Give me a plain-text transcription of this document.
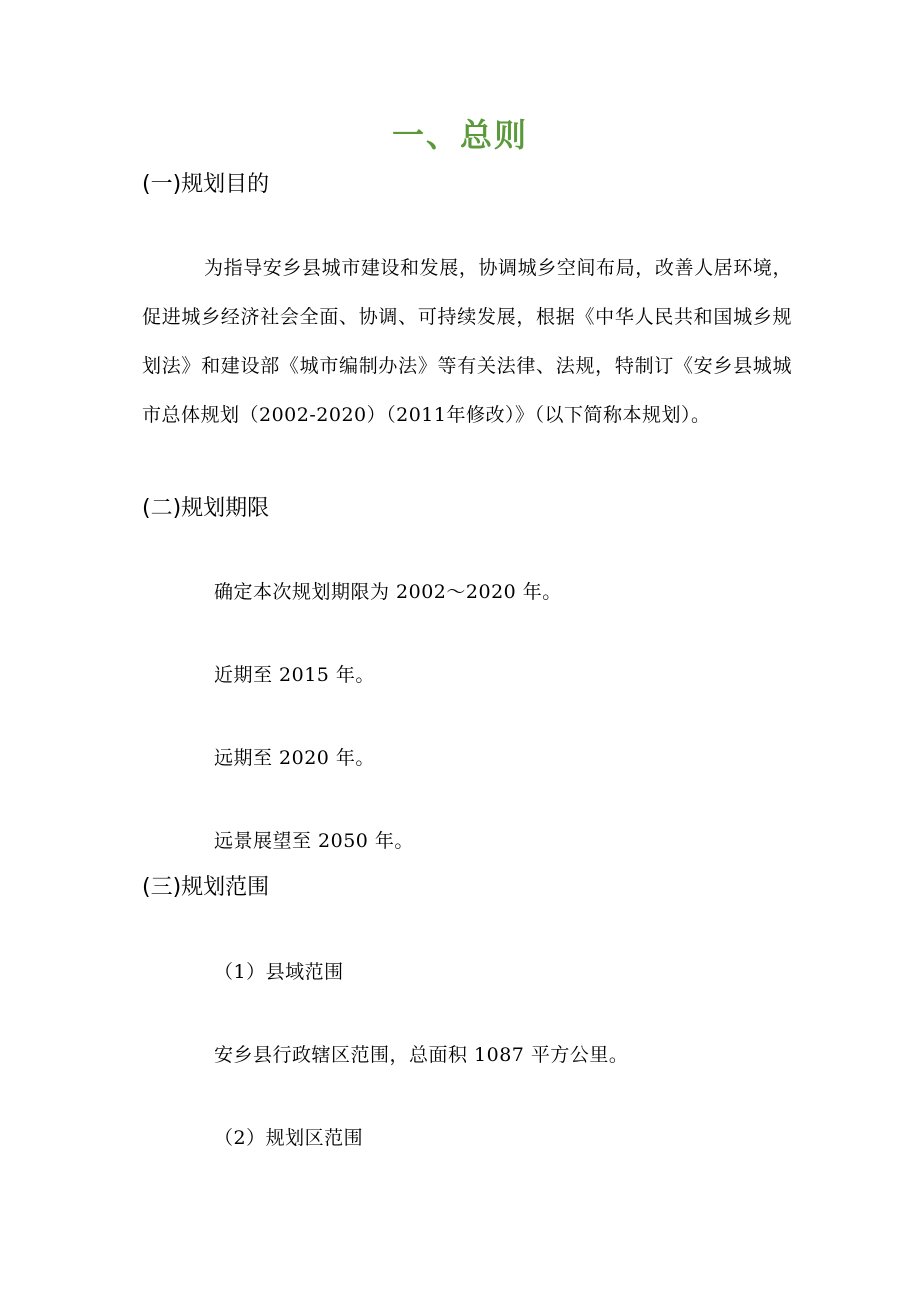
一、总则
(一)规划目的
为指导安乡县城市建设和发展，协调城乡空间布局，改善人居环境，促进城乡经济社会全面、协调、可持续发展，根据《中华人民共和国城乡规划法》和建设部《城市编制办法》等有关法律、法规，特制订《安乡县城城市总体规划（2002-2020）（2011年修改）》（以下简称本规划）。
(二)规划期限
确定本次规划期限为 2002～2020 年。
近期至 2015 年。
远期至 2020 年。
远景展望至 2050 年。
(三)规划范围
（1）县域范围
安乡县行政辖区范围，总面积 1087 平方公里。
（2）规划区范围
